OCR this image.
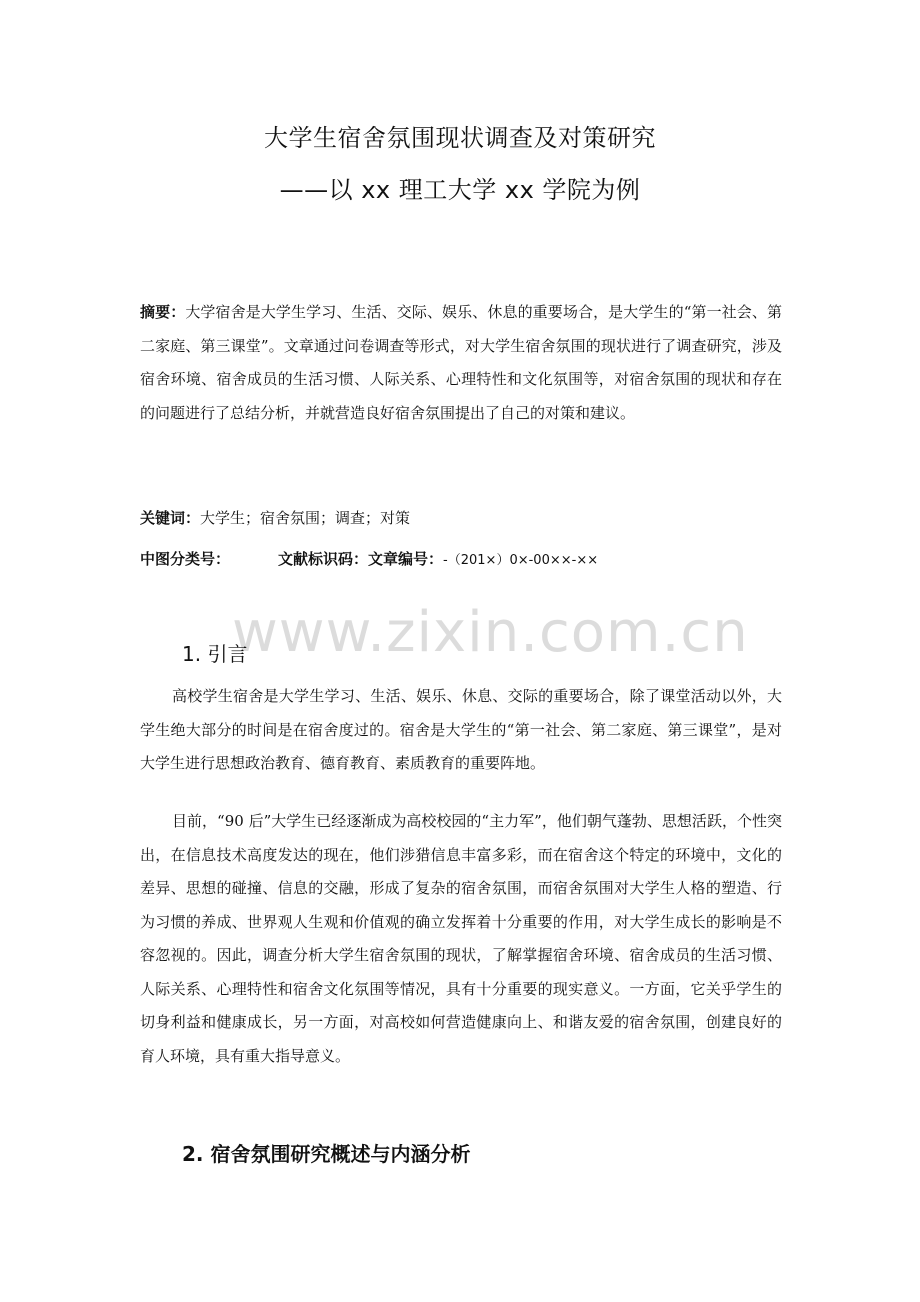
大学生宿舍氛围现状调查及对策研究
——以 xx 理工大学 xx 学院为例
摘要：大学宿舍是大学生学习、生活、交际、娱乐、休息的重要场合，是大学生的“第一社会、第二家庭、第三课堂”。文章通过问卷调查等形式，对大学生宿舍氛围的现状进行了调查研究，涉及宿舍环境、宿舍成员的生活习惯、人际关系、心理特性和文化氛围等，对宿舍氛围的现状和存在的问题进行了总结分析，并就营造良好宿舍氛围提出了自己的对策和建议。
关键词：大学生；宿舍氛围；调查；对策
中图分类号：	文献标识码：文章编号：-（201×）0×-00××-××
www.zixin.com.cn
1. 引言
高校学生宿舍是大学生学习、生活、娱乐、休息、交际的重要场合，除了课堂活动以外，大学生绝大部分的时间是在宿舍度过的。宿舍是大学生的“第一社会、第二家庭、第三课堂”，是对大学生进行思想政治教育、德育教育、素质教育的重要阵地。
目前，“90 后”大学生已经逐渐成为高校校园的“主力军”，他们朝气蓬勃、思想活跃，个性突出，在信息技术高度发达的现在，他们涉猎信息丰富多彩，而在宿舍这个特定的环境中，文化的差异、思想的碰撞、信息的交融，形成了复杂的宿舍氛围，而宿舍氛围对大学生人格的塑造、行为习惯的养成、世界观人生观和价值观的确立发挥着十分重要的作用，对大学生成长的影响是不容忽视的。因此，调查分析大学生宿舍氛围的现状，了解掌握宿舍环境、宿舍成员的生活习惯、人际关系、心理特性和宿舍文化氛围等情况，具有十分重要的现实意义。一方面，它关乎学生的切身利益和健康成长，另一方面，对高校如何营造健康向上、和谐友爱的宿舍氛围，创建良好的育人环境，具有重大指导意义。
2. 宿舍氛围研究概述与内涵分析
